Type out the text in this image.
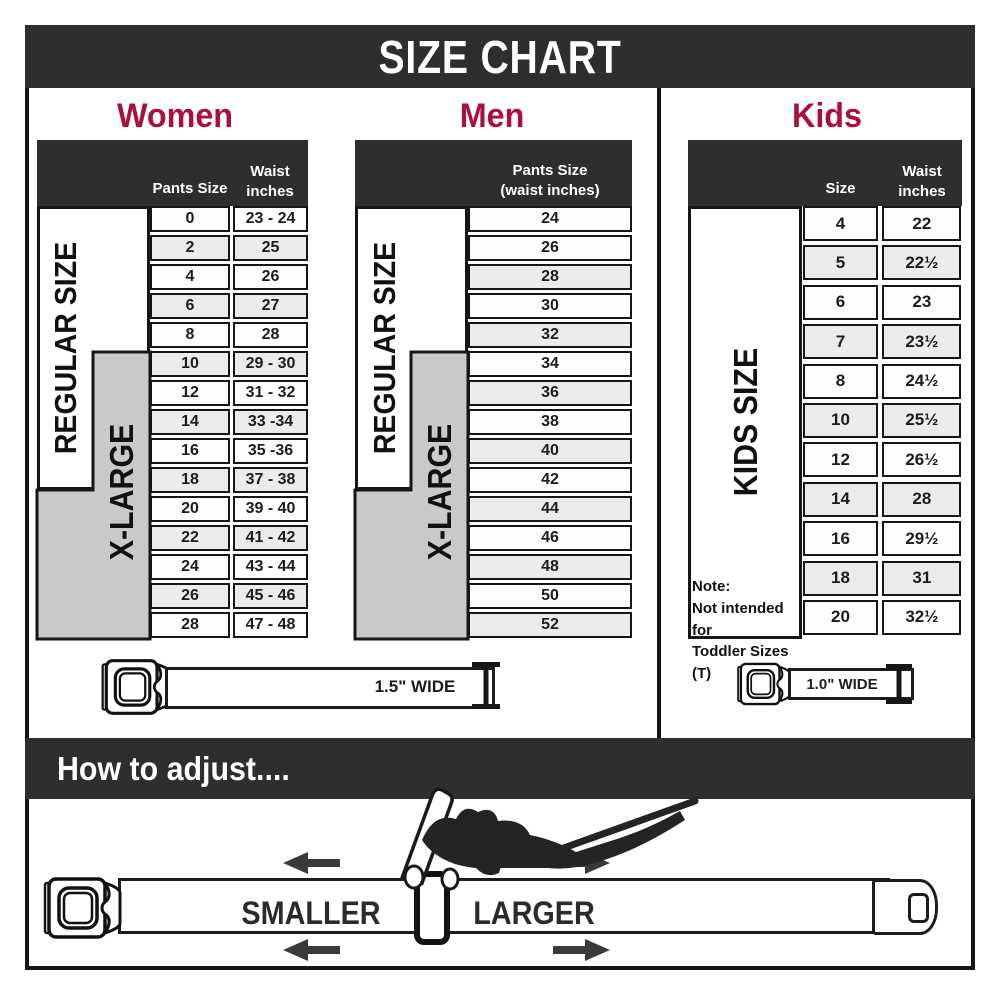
SIZE CHART
Women	Men	Kids
Pants Size
Waist
inches
Pants Size
(waist inches)
REGULAR SIZE
X-LARGE
REGULAR SIZE
X-LARGE
0	23 - 24
2	25
4	26
6	27
8	28
10	29 - 30
12	31 - 32
14	33 -34
16	35 -36
18	37 - 38
20	39 - 40
22	41 - 42
24	43 - 44
26	45 - 46
28	47 - 48
24
26
28
30
32
34
36
38
40
42
44
46
48
50
52
Size
Waist
inches
KIDS SIZE
Note:
Not intended for
Toddler Sizes (T)
4	22
5	22½
6	23
7	23½
8	24½
10	25½
12	26½
14	28
16	29½
18	31
20	32½
1.5" WIDE	1.0" WIDE
How to adjust....
SMALLER	LARGER
